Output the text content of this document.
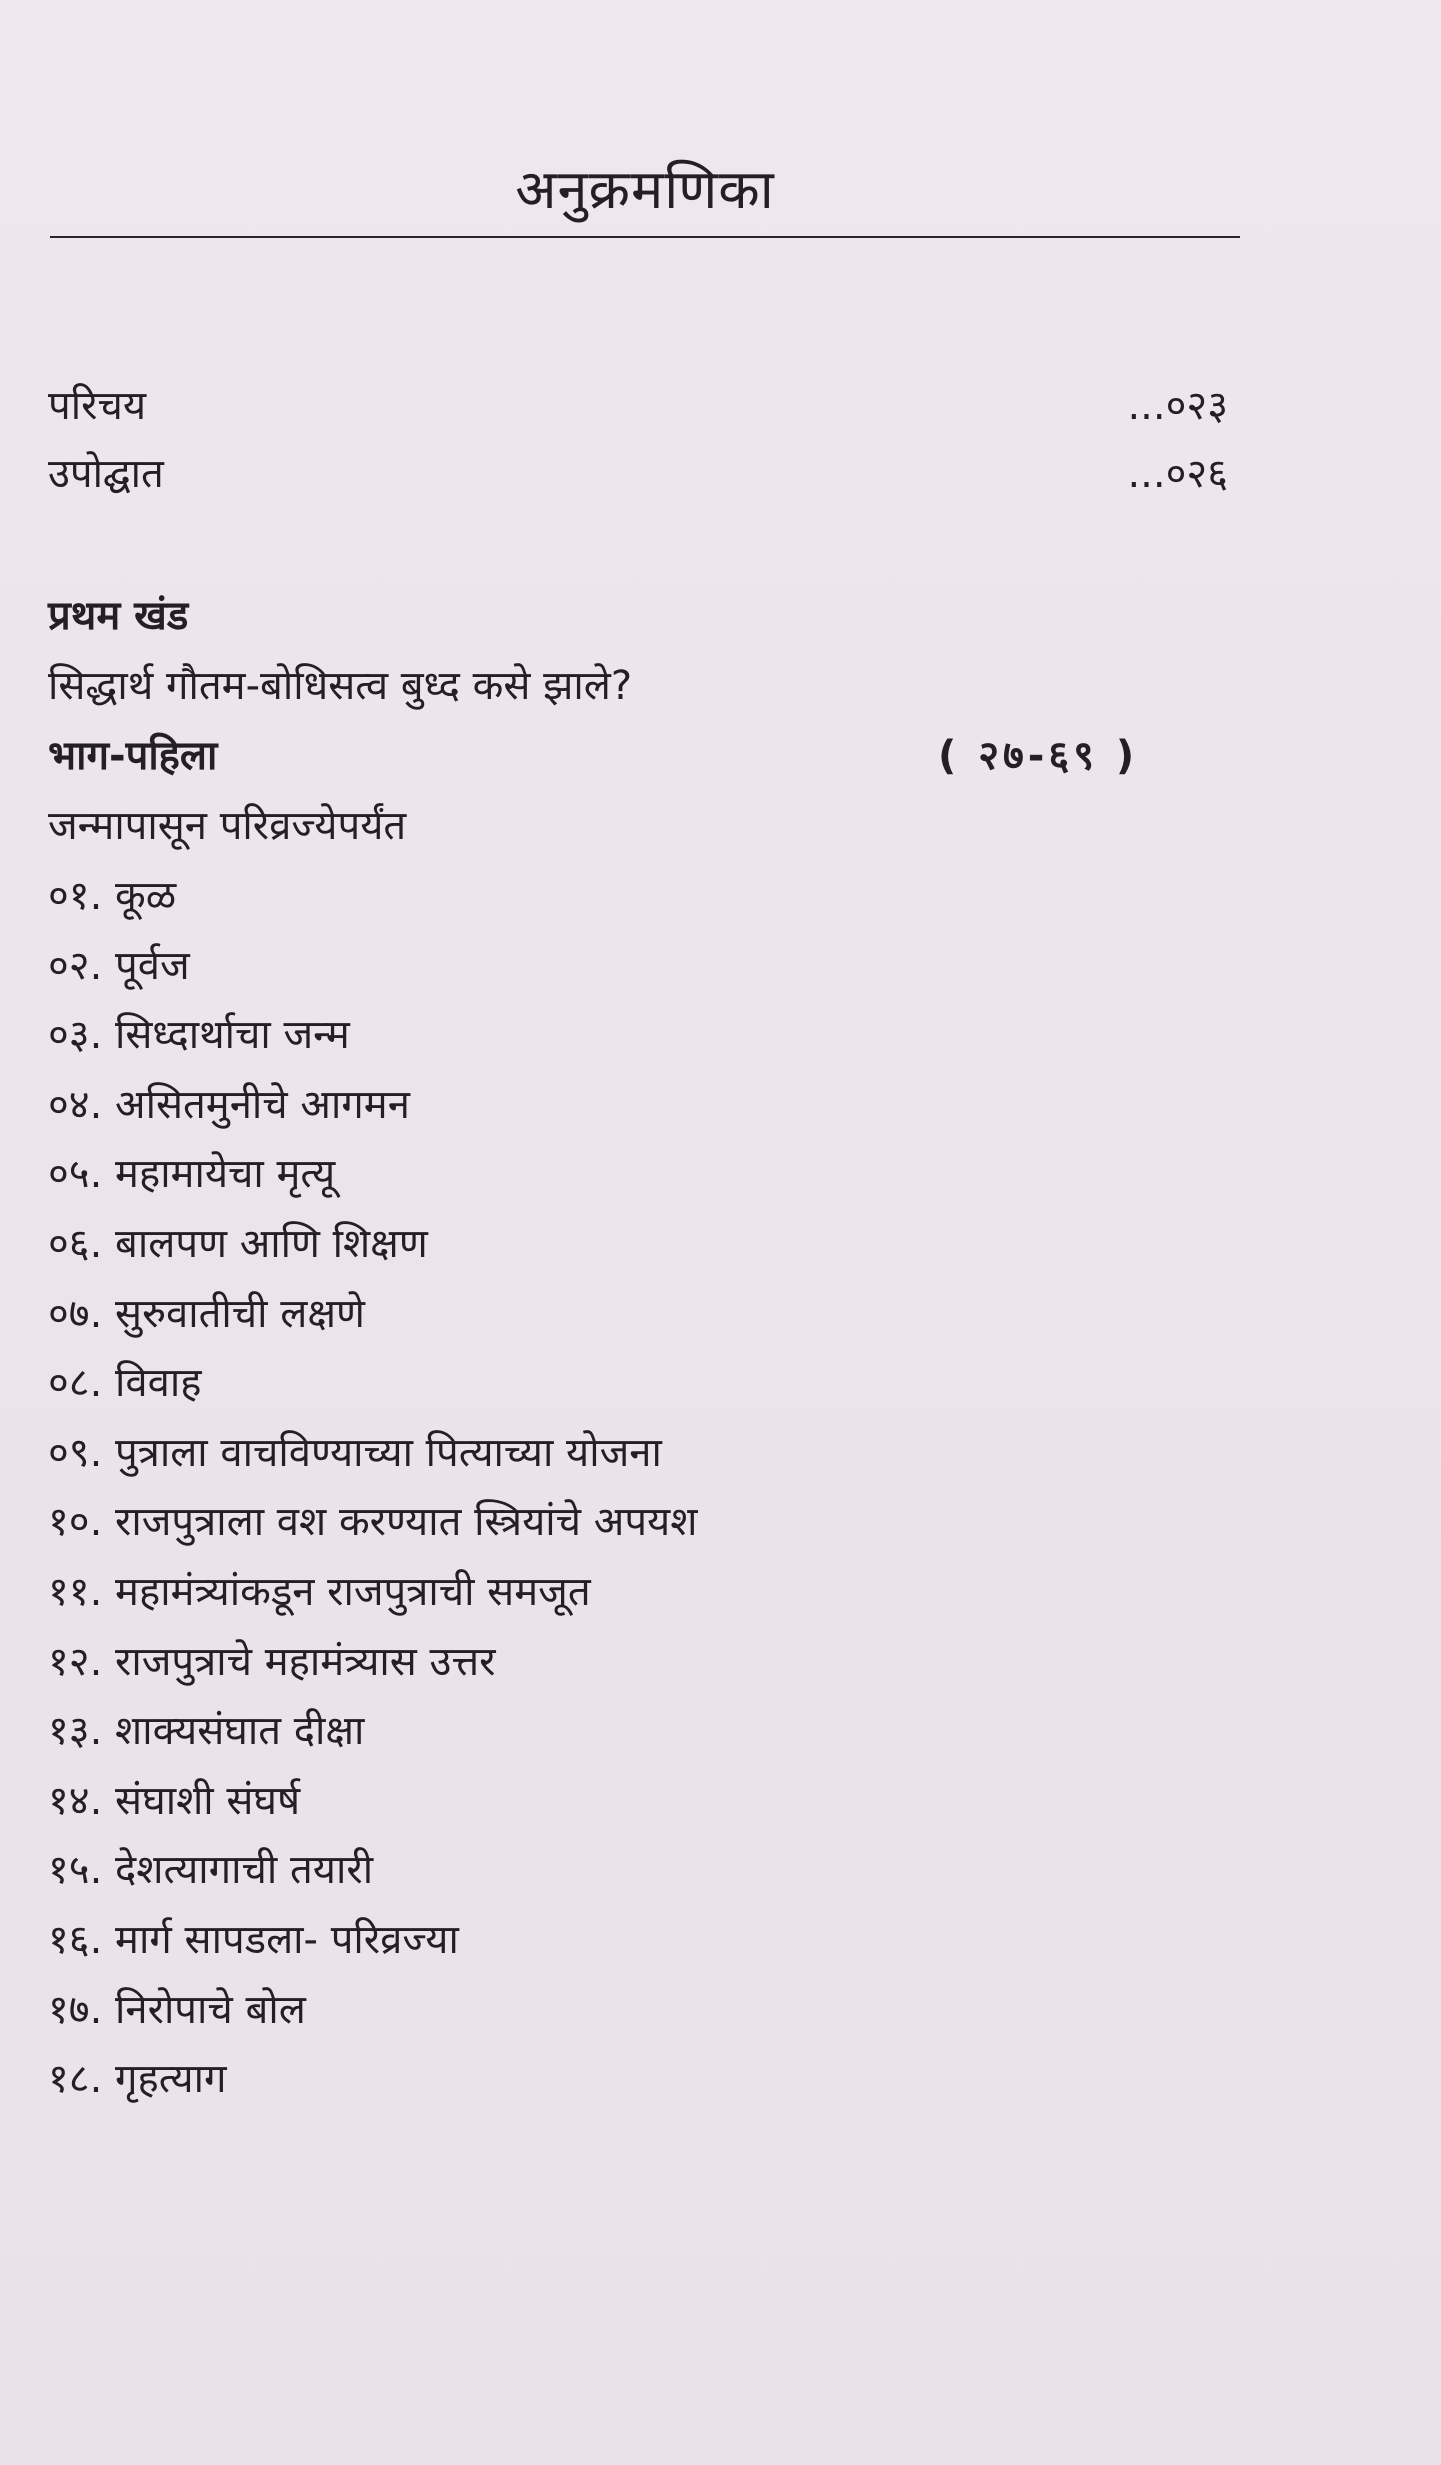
अनुक्रमणिका
परिचय	...०२३
उपोद्घात	...०२६
प्रथम खंड
सिद्धार्थ गौतम-बोधिसत्व बुध्द कसे झाले?
भाग-पहिला	( २७-६९ )
जन्मापासून परिव्रज्येपर्यंत
०१. कूळ
०२. पूर्वज
०३. सिध्दार्थाचा जन्म
०४. असितमुनीचे आगमन
०५. महामायेचा मृत्यू
०६. बालपण आणि शिक्षण
०७. सुरुवातीची लक्षणे
०८. विवाह
०९. पुत्राला वाचविण्याच्या पित्याच्या योजना
१०. राजपुत्राला वश करण्यात स्त्रियांचे अपयश
११. महामंत्र्यांकडून राजपुत्राची समजूत
१२. राजपुत्राचे महामंत्र्यास उत्तर
१३. शाक्यसंघात दीक्षा
१४. संघाशी संघर्ष
१५. देशत्यागाची तयारी
१६. मार्ग सापडला- परिव्रज्या
१७. निरोपाचे बोल
१८. गृहत्याग
